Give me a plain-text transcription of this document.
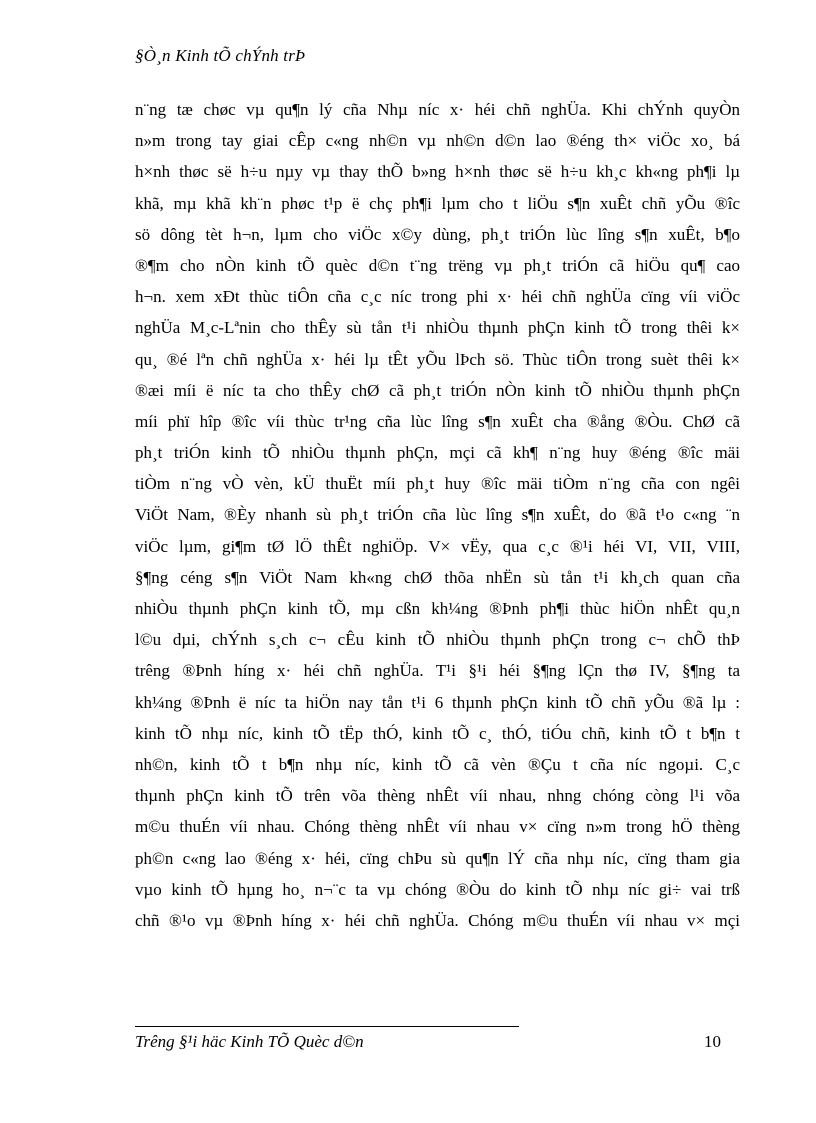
§Ò¸n Kinh tÕ chÝnh trÞ
n¨ng tæ chøc vµ qu¶n lý cña Nhµ níc x· héi chñ nghÜa. Khi chÝnh quyÒn
n»m trong tay giai cÊp c«ng nh©n vµ nh©n d©n lao ®éng th× viÖc xo¸ bá
h×nh thøc së h÷u nµy vµ thay thÕ b»ng h×nh thøc së h÷u kh¸c kh«ng ph¶i lµ
khã, mµ khã kh¨n phøc t¹p ë chç ph¶i lµm cho t liÖu s¶n xuÊt chñ yÕu ®îc
sö dông tèt h¬n, lµm cho viÖc x©y dùng, ph¸t triÓn lùc lîng s¶n xuÊt, b¶o
®¶m cho nÒn kinh tÕ quèc d©n t¨ng trëng vµ ph¸t triÓn cã hiÖu qu¶ cao
h¬n. xem xÐt thùc tiÔn cña c¸c níc trong phi x· héi chñ nghÜa cïng víi viÖc
nghÜa M¸c-Lªnin cho thÊy sù tån t¹i nhiÒu thµnh phÇn kinh tÕ trong thêi k×
qu¸ ®é lªn chñ nghÜa x· héi lµ tÊt yÕu lÞch sö. Thùc tiÔn trong suèt thêi k×
®æi míi ë níc ta cho thÊy chØ cã ph¸t triÓn nÒn kinh tÕ nhiÒu thµnh phÇn
míi phï hîp ®îc víi thùc tr¹ng cña lùc lîng s¶n xuÊt cha ®ång ®Òu. ChØ cã
ph¸t triÓn kinh tÕ nhiÒu thµnh phÇn, mçi cã kh¶ n¨ng huy ®éng ®îc mäi
tiÒm n¨ng vÒ vèn, kÜ thuËt míi ph¸t huy ®îc mäi tiÒm n¨ng cña con ngêi
ViÖt Nam, ®Èy nhanh sù ph¸t triÓn cña lùc lîng s¶n xuÊt, do ®ã t¹o c«ng ¨n
viÖc lµm, gi¶m tØ lÖ thÊt nghiÖp. V× vËy, qua c¸c ®¹i héi VI, VII, VIII,
§¶ng céng s¶n ViÖt Nam kh«ng chØ thõa nhËn sù tån t¹i kh¸ch quan cña
nhiÒu thµnh phÇn kinh tÕ, mµ cßn kh¼ng ®Þnh ph¶i thùc hiÖn nhÊt qu¸n
l©u dµi, chÝnh s¸ch c¬ cÊu kinh tÕ nhiÒu thµnh phÇn trong c¬ chÕ thÞ
trêng ®Þnh híng x· héi chñ nghÜa. T¹i §¹i héi §¶ng lÇn thø IV, §¶ng ta
kh¼ng ®Þnh ë níc ta hiÖn nay tån t¹i 6 thµnh phÇn kinh tÕ chñ yÕu ®ã lµ :
kinh tÕ nhµ níc, kinh tÕ tËp thÓ, kinh tÕ c¸ thÓ, tiÓu chñ, kinh tÕ t b¶n t
nh©n, kinh tÕ t b¶n nhµ níc, kinh tÕ cã vèn ®Çu t cña níc ngoµi. C¸c
thµnh phÇn kinh tÕ trên võa thèng nhÊt víi nhau, nhng chóng còng l¹i võa
m©u thuÉn víi nhau. Chóng thèng nhÊt víi nhau v× cïng n»m trong hÖ thèng
ph©n c«ng lao ®éng x· héi, cïng chÞu sù qu¶n lÝ cña nhµ níc, cïng tham gia
vµo kinh tÕ hµng ho¸ n¬¨c ta vµ chóng ®Òu do kinh tÕ nhµ níc gi÷ vai trß
chñ ®¹o vµ ®Þnh híng x· héi chñ nghÜa. Chóng m©u thuÉn víi nhau v× mçi
Trêng §¹i häc Kinh TÕ Quèc d©n	10
